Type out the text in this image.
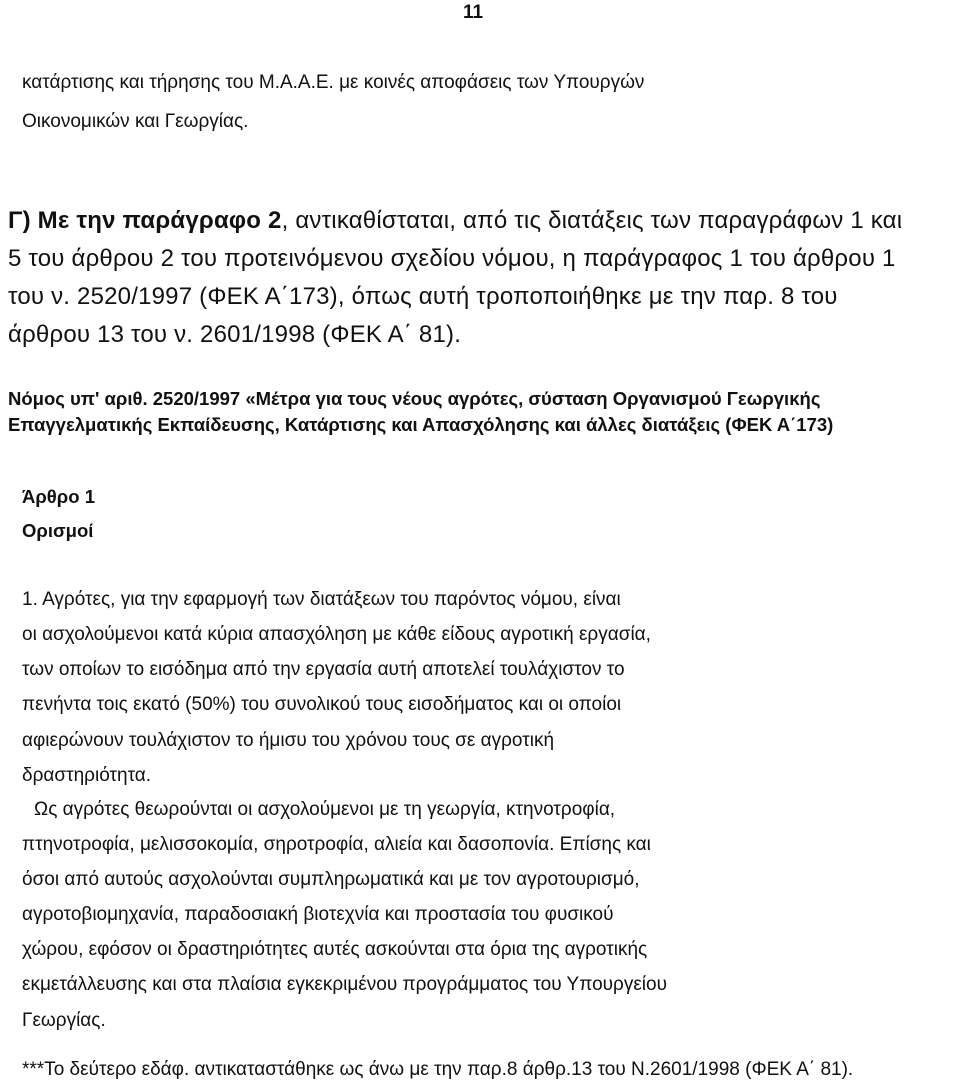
11
κατάρτισης και τήρησης του Μ.Α.Α.Ε. με κοινές αποφάσεις των Υπουργών
Οικονομικών και Γεωργίας.
Γ) Με την παράγραφο 2, αντικαθίσταται, από τις διατάξεις των παραγράφων 1 και
5 του άρθρου 2 του προτεινόμενου σχεδίου νόμου, η παράγραφος 1 του άρθρου 1
του ν. 2520/1997 (ΦΕΚ Α΄173), όπως αυτή τροποποιήθηκε με την παρ. 8 του
άρθρου 13 του ν. 2601/1998 (ΦΕΚ Α΄ 81).
Νόμος υπ' αριθ. 2520/1997 «Μέτρα για τους νέους αγρότες, σύσταση Οργανισμού Γεωργικής
Επαγγελματικής Εκπαίδευσης, Κατάρτισης και Απασχόλησης και άλλες διατάξεις (ΦΕΚ Α΄173)
Άρθρο 1
Ορισμοί
1. Αγρότες, για την εφαρμογή των διατάξεων του παρόντος νόμου, είναι
οι ασχολούμενοι κατά κύρια απασχόληση με κάθε είδους αγροτική εργασία,
των οποίων το εισόδημα από την εργασία αυτή αποτελεί τουλάχιστον το
πενήντα τοις εκατό (50%) του συνολικού τους εισοδήματος και οι οποίοι
αφιερώνουν τουλάχιστον το ήμισυ του χρόνου τους σε αγροτική
δραστηριότητα.
Ως αγρότες θεωρούνται οι ασχολούμενοι με τη γεωργία, κτηνοτροφία,
πτηνοτροφία, μελισσοκομία, σηροτροφία, αλιεία και δασοπονία. Επίσης και
όσοι από αυτούς ασχολούνται συμπληρωματικά και με τον αγροτουρισμό,
αγροτοβιομηχανία, παραδοσιακή βιοτεχνία και προστασία του φυσικού
χώρου, εφόσον οι δραστηριότητες αυτές ασκούνται στα όρια της αγροτικής
εκμετάλλευσης και στα πλαίσια εγκεκριμένου προγράμματος του Υπουργείου
Γεωργίας.
***Το δεύτερο εδάφ. αντικαταστάθηκε ως άνω με την παρ.8 άρθρ.13 του Ν.2601/1998 (ΦΕΚ Α΄ 81).
